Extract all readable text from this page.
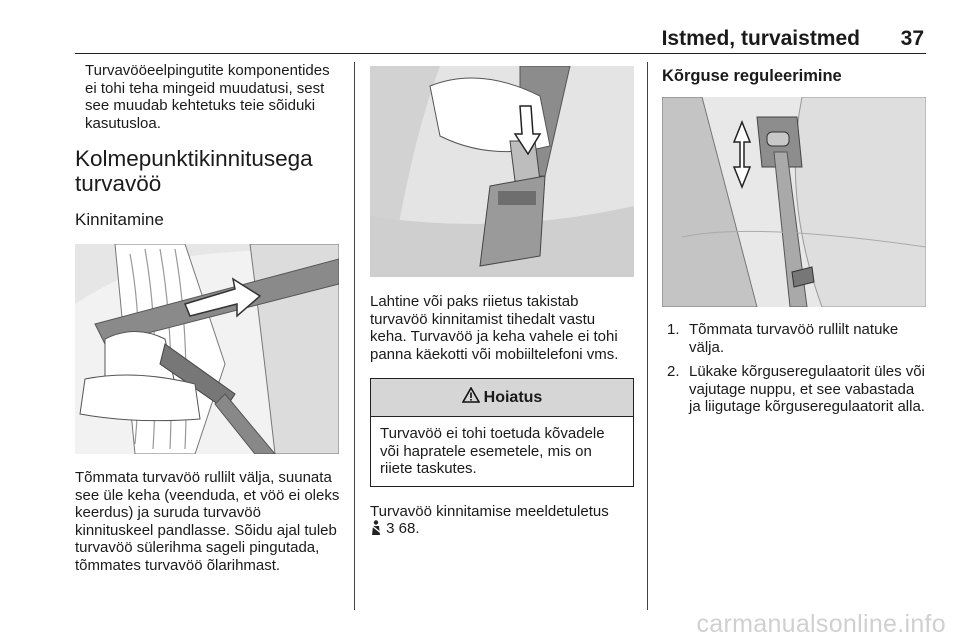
Istmed, turvaistmed 37

Turvavööeelpingutite komponentides ei tohi teha mingeid muudatusi, sest see muudab kehtetuks teie sõiduki kasutusloa.

Kolmepunktikinnitusega turvavöö
Kinnitamine

Tõmmata turvavöö rullilt välja, suunata see üle keha (veenduda, et vöö ei oleks keerdus) ja suruda turvavöö kinnituskeel pandlasse. Sõidu ajal tuleb turvavöö sülerihma sageli pingutada, tõmmates turvavöö õlarihmast.

Lahtine või paks riietus takistab turvavöö kinnitamist tihedalt vastu keha. Turvavöö ja keha vahele ei tohi panna käekotti või mobiiltelefoni vms.

Hoiatus
Turvavöö ei tohi toetuda kõvadele või hapratele esemetele, mis on riiete taskutes.
Turvavöö kinnitamise meeldetuletus
3 68.
Kõrguse reguleerimine
1. 1. Tõmmata turvavöö rullilt natuke välja.
2. 2. Lükake kõrguseregulaatorit üles või vajutage nuppu, et see vabastada ja liigutage kõrguseregulaatorit alla.
carmanualsonline.info
